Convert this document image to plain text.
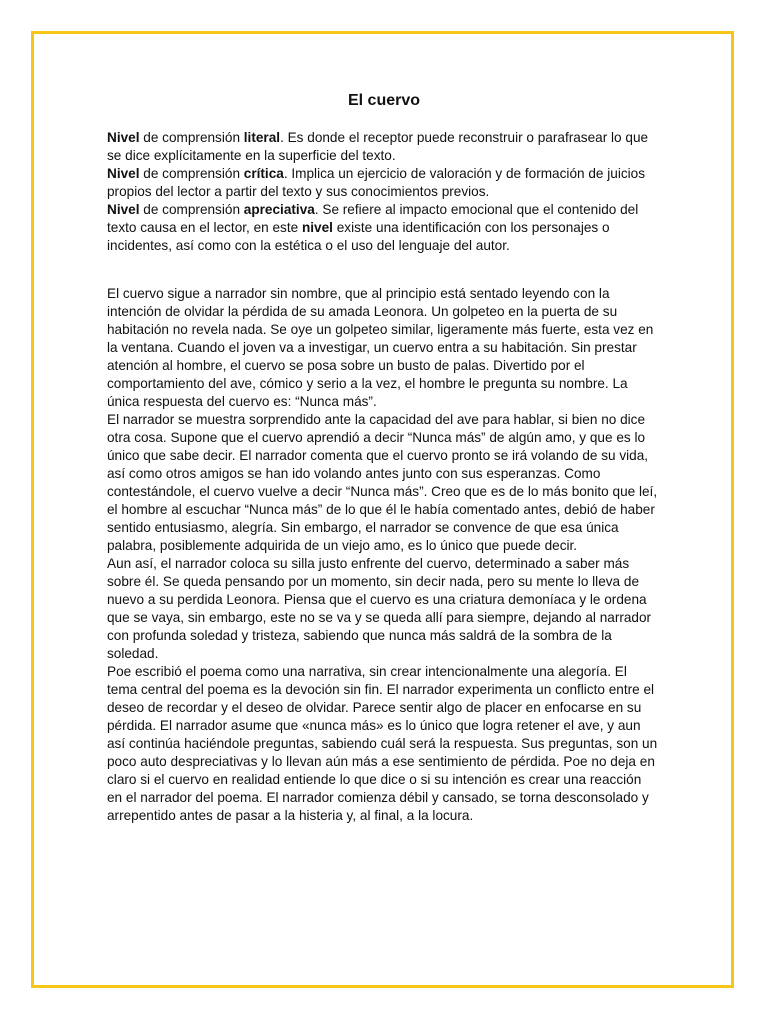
El cuervo

Nivel de comprensión literal. Es donde el receptor puede reconstruir o parafrasear lo que se dice explícitamente en la superficie del texto.

Nivel de comprensión crítica. Implica un ejercicio de valoración y de formación de juicios propios del lector a partir del texto y sus conocimientos previos.

Nivel de comprensión apreciativa. Se refiere al impacto emocional que el contenido del texto causa en el lector, en este nivel existe una identificación con los personajes o incidentes, así como con la estética o el uso del lenguaje del autor.

El cuervo sigue a narrador sin nombre, que al principio está sentado leyendo con la intención de olvidar la pérdida de su amada Leonora. Un golpeteo en la puerta de su habitación no revela nada. Se oye un golpeteo similar, ligeramente más fuerte, esta vez en la ventana. Cuando el joven va a investigar, un cuervo entra a su habitación. Sin prestar atención al hombre, el cuervo se posa sobre un busto de palas. Divertido por el comportamiento del ave, cómico y serio a la vez, el hombre le pregunta su nombre. La única respuesta del cuervo es: “Nunca más”.

El narrador se muestra sorprendido ante la capacidad del ave para hablar, si bien no dice otra cosa. Supone que el cuervo aprendió a decir “Nunca más” de algún amo, y que es lo único que sabe decir. El narrador comenta que el cuervo pronto se irá volando de su vida, así como otros amigos se han ido volando antes junto con sus esperanzas. Como contestándole, el cuervo vuelve a decir “Nunca más”. Creo que es de lo más bonito que leí, el hombre al escuchar “Nunca más” de lo que él le había comentado antes, debió de haber sentido entusiasmo, alegría. Sin embargo, el narrador se convence de que esa única palabra, posiblemente adquirida de un viejo amo, es lo único que puede decir.

Aun así, el narrador coloca su silla justo enfrente del cuervo, determinado a saber más sobre él. Se queda pensando por un momento, sin decir nada, pero su mente lo lleva de nuevo a su perdida Leonora. Piensa que el cuervo es una criatura demoníaca y le ordena que se vaya, sin embargo, este no se va y se queda allí para siempre, dejando al narrador con profunda soledad y tristeza, sabiendo que nunca más saldrá de la sombra de la soledad.

Poe escribió el poema como una narrativa, sin crear intencionalmente una alegoría. El tema central del poema es la devoción sin fin. El narrador experimenta un conflicto entre el deseo de recordar y el deseo de olvidar. Parece sentir algo de placer en enfocarse en su pérdida. El narrador asume que «nunca más» es lo único que logra retener el ave, y aun así continúa haciéndole preguntas, sabiendo cuál será la respuesta. Sus preguntas, son un poco auto despreciativas y lo llevan aún más a ese sentimiento de pérdida. Poe no deja en claro si el cuervo en realidad entiende lo que dice o si su intención es crear una reacción en el narrador del poema. El narrador comienza débil y cansado, se torna desconsolado y arrepentido antes de pasar a la histeria y, al final, a la locura.
